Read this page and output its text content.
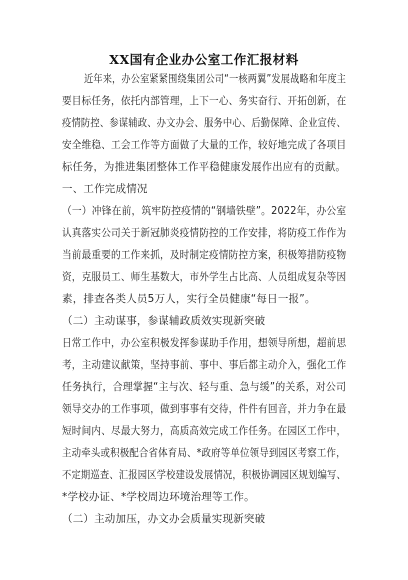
XX国有企业办公室工作汇报材料
近年来，办公室紧紧围绕集团公司“一核两翼”发展战略和年度主
要目标任务，依托内部管理，上下一心、务实奋行、开拓创新，在
疫情防控、参谋辅政、办文办会、服务中心、后勤保障、企业宣传、
安全维稳、工会工作等方面做了大量的工作，较好地完成了各项目
标任务，为推进集团整体工作平稳健康发展作出应有的贡献。
一、工作完成情况
（一）冲锋在前，筑牢防控疫情的“钢墙铁壁”。2022年，办公室
认真落实公司关于新冠肺炎疫情防控的工作安排，将防疫工作作为
当前最重要的工作来抓，及时制定疫情防控方案，积极筹措防疫物
资，克服员工、师生基数大，市外学生占比高、人员组成复杂等因
素，排查各类人员5万人，实行全员健康“每日一报”。
（二）主动谋事，参谋辅政质效实现新突破
日常工作中，办公室积极发挥参谋助手作用，想领导所想，超前思
考，主动建议献策，坚持事前、事中、事后都主动介入，强化工作
任务执行，合理掌握“主与次、轻与重、急与缓”的关系，对公司
领导交办的工作事项，做到事事有交待，件件有回音，并力争在最
短时间内、尽最大努力，高质高效完成工作任务。在园区工作中，
主动牵头或积极配合省体育局、*政府等单位领导到园区考察工作，
不定期巡查、汇报园区学校建设发展情况，积极协调园区规划编写、
*学校办证、*学校周边环境治理等工作。
（二）主动加压，办文办会质量实现新突破
